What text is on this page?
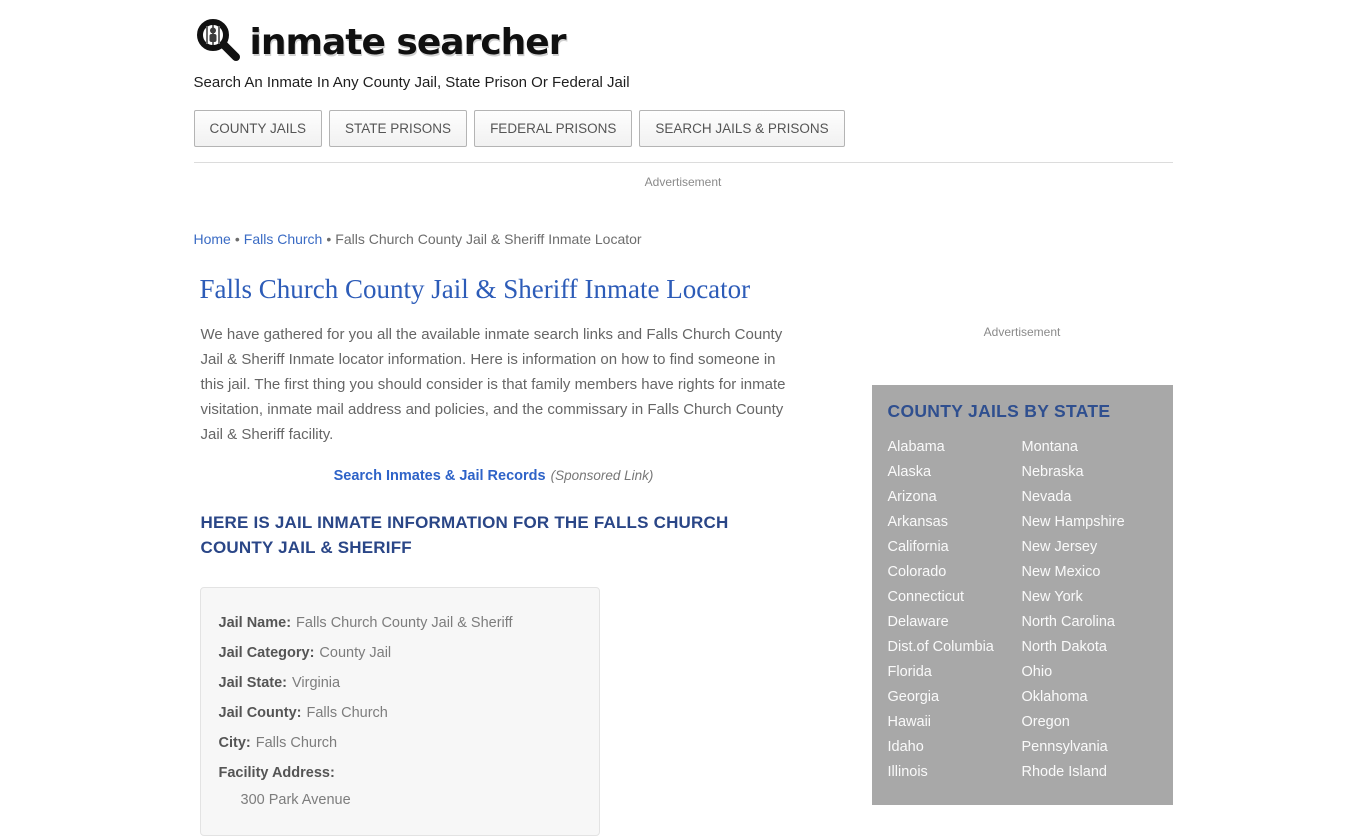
inmate searcher
Search An Inmate In Any County Jail, State Prison Or Federal Jail
COUNTY JAILS	STATE PRISONS	FEDERAL PRISONS	SEARCH JAILS & PRISONS
Advertisement
Home • Falls Church • Falls Church County Jail & Sheriff Inmate Locator
Falls Church County Jail & Sheriff Inmate Locator

We have gathered for you all the available inmate search links and Falls Church County Jail & Sheriff Inmate locator information. Here is information on how to find someone in this jail. The first thing you should consider is that family members have rights for inmate visitation, inmate mail address and policies, and the commissary in Falls Church County Jail & Sheriff facility.

Search Inmates & Jail Records (Sponsored Link)
HERE IS JAIL INMATE INFORMATION FOR THE FALLS CHURCH COUNTY JAIL & SHERIFF
Jail Name: Falls Church County Jail & Sheriff
Jail Category: County Jail
Jail State: Virginia
Jail County: Falls Church
City: Falls Church
Facility Address:
300 Park Avenue
Advertisement
COUNTY JAILS BY STATE
Alabama
Alaska
Arizona
Arkansas
California
Colorado
Connecticut
Delaware
Dist.of Columbia
Florida
Georgia
Hawaii
Idaho
Illinois
Montana
Nebraska
Nevada
New Hampshire
New Jersey
New Mexico
New York
North Carolina
North Dakota
Ohio
Oklahoma
Oregon
Pennsylvania
Rhode Island
